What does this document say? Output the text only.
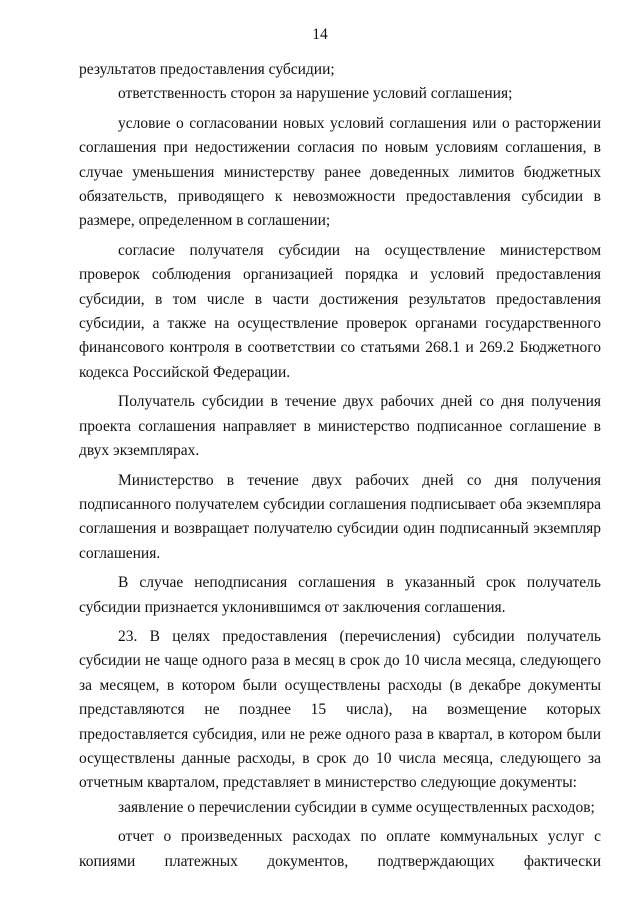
14

результатов предоставления субсидии;

ответственность сторон за нарушение условий соглашения;

условие о согласовании новых условий соглашения или о расторжении соглашения при недостижении согласия по новым условиям соглашения, в случае уменьшения министерству ранее доведенных лимитов бюджетных обязательств, приводящего к невозможности предоставления субсидии в размере, определенном в соглашении;

согласие получателя субсидии на осуществление министерством проверок соблюдения организацией порядка и условий предоставления субсидии, в том числе в части достижения результатов предоставления субсидии, а также на осуществление проверок органами государственного финансового контроля в соответствии со статьями 268.1 и 269.2 Бюджетного кодекса Российской Федерации.

Получатель субсидии в течение двух рабочих дней со дня получения проекта соглашения направляет в министерство подписанное соглашение в двух экземплярах.

Министерство в течение двух рабочих дней со дня получения подписанного получателем субсидии соглашения подписывает оба экземпляра соглашения и возвращает получателю субсидии один подписанный экземпляр соглашения.

В случае неподписания соглашения в указанный срок получатель субсидии признается уклонившимся от заключения соглашения.

23. В целях предоставления (перечисления) субсидии получатель субсидии не чаще одного раза в месяц в срок до 10 числа месяца, следующего за месяцем, в котором были осуществлены расходы (в декабре документы представляются не позднее 15 числа), на возмещение которых предоставляется субсидия, или не реже одного раза в квартал, в котором были осуществлены данные расходы, в срок до 10 числа месяца, следующего за отчетным кварталом, представляет в министерство следующие документы:

заявление о перечислении субсидии в сумме осуществленных расходов;

отчет о произведенных расходах по оплате коммунальных услуг с копиями платежных документов, подтверждающих фактически
